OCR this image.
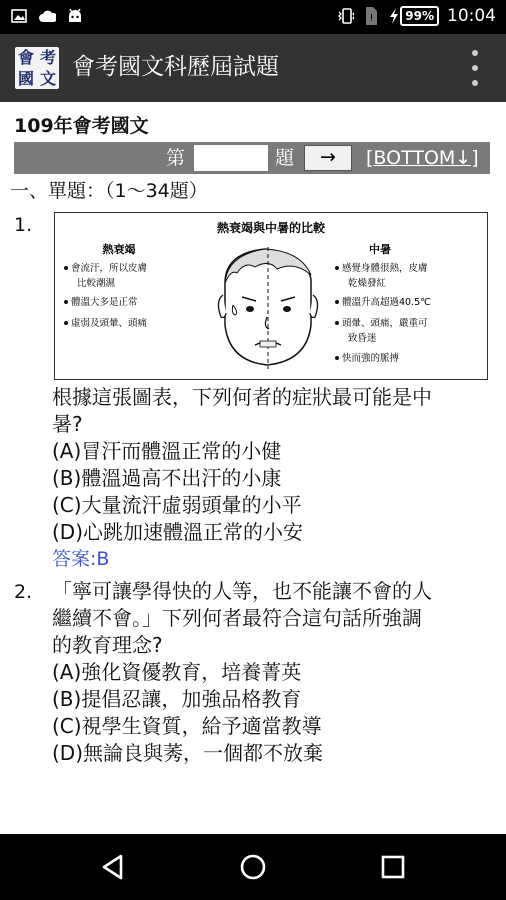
!	99% 10:04
會 考
國 文 會考國文科歷屆試題
109年會考國文
第	題	→	[BOTTOM↓]
一、單題：（1〜34題）
1.	熱衰竭與中暑的比較
熱衰竭
會流汗，所以皮膚
比較潮濕
體溫大多是正常
虛弱及頭暈、頭痛
中暑
感覺身體很熱，皮膚
乾燥發紅
體溫升高超過40.5℃
頭暈、頭痛，嚴重可
致昏迷
快而強的脈搏
根據這張圖表，下列何者的症狀最可能是中
暑?
(A)冒汗而體溫正常的小健
(B)體溫過高不出汗的小康
(C)大量流汗虛弱頭暈的小平
(D)心跳加速體溫正常的小安
答案:B
2. 「寧可讓學得快的人等，也不能讓不會的人
繼續不會。」下列何者最符合這句話所強調
的教育理念?
(A)強化資優教育，培養菁英
(B)提倡忍讓，加強品格教育
(C)視學生資質，給予適當教導
(D)無論良與莠，一個都不放棄
